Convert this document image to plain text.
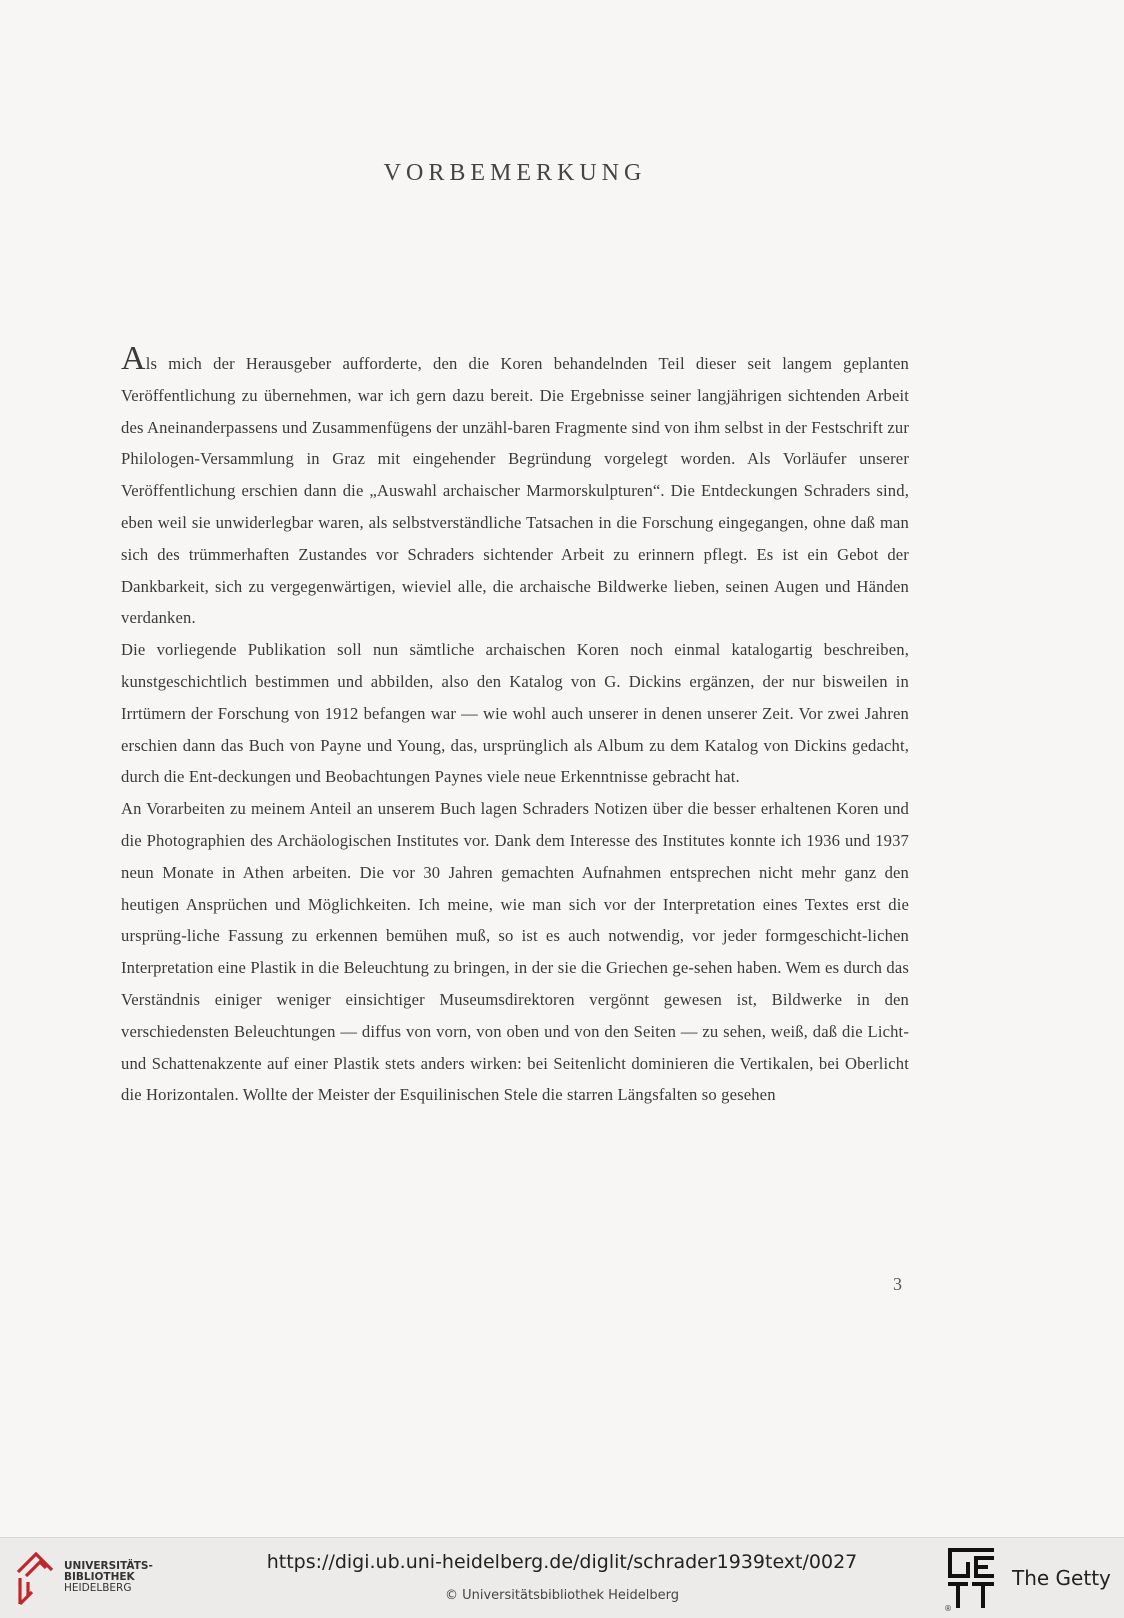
VORBEMERKUNG

Als mich der Herausgeber aufforderte, den die Koren behandelnden Teil dieser seit langem geplanten Veröffentlichung zu übernehmen, war ich gern dazu bereit. Die Ergebnisse seiner langjährigen sichtenden Arbeit des Aneinanderpassens und Zusammenfügens der unzähl-baren Fragmente sind von ihm selbst in der Festschrift zur Philologen-Versammlung in Graz mit eingehender Begründung vorgelegt worden. Als Vorläufer unserer Veröffentlichung erschien dann die „Auswahl archaischer Marmorskulpturen“. Die Entdeckungen Schraders sind, eben weil sie unwiderlegbar waren, als selbstverständliche Tatsachen in die Forschung eingegangen, ohne daß man sich des trümmerhaften Zustandes vor Schraders sichtender Arbeit zu erinnern pflegt. Es ist ein Gebot der Dankbarkeit, sich zu vergegenwärtigen, wieviel alle, die archaische Bildwerke lieben, seinen Augen und Händen verdanken.

Die vorliegende Publikation soll nun sämtliche archaischen Koren noch einmal katalogartig beschreiben, kunstgeschichtlich bestimmen und abbilden, also den Katalog von G. Dickins ergänzen, der nur bisweilen in Irrtümern der Forschung von 1912 befangen war — wie wohl auch unserer in denen unserer Zeit. Vor zwei Jahren erschien dann das Buch von Payne und Young, das, ursprünglich als Album zu dem Katalog von Dickins gedacht, durch die Ent-deckungen und Beobachtungen Paynes viele neue Erkenntnisse gebracht hat.

An Vorarbeiten zu meinem Anteil an unserem Buch lagen Schraders Notizen über die besser erhaltenen Koren und die Photographien des Archäologischen Institutes vor. Dank dem Interesse des Institutes konnte ich 1936 und 1937 neun Monate in Athen arbeiten. Die vor 30 Jahren gemachten Aufnahmen entsprechen nicht mehr ganz den heutigen Ansprüchen und Möglichkeiten. Ich meine, wie man sich vor der Interpretation eines Textes erst die ursprüng-liche Fassung zu erkennen bemühen muß, so ist es auch notwendig, vor jeder formgeschicht-lichen Interpretation eine Plastik in die Beleuchtung zu bringen, in der sie die Griechen ge-sehen haben. Wem es durch das Verständnis einiger weniger einsichtiger Museumsdirektoren vergönnt gewesen ist, Bildwerke in den verschiedensten Beleuchtungen — diffus von vorn, von oben und von den Seiten — zu sehen, weiß, daß die Licht- und Schattenakzente auf einer Plastik stets anders wirken: bei Seitenlicht dominieren die Vertikalen, bei Oberlicht die Horizontalen. Wollte der Meister der Esquilinischen Stele die starren Längsfalten so gesehen

3
UNIVERSITÄTS-
BIBLIOTHEK
HEIDELBERG
https://digi.ub.uni-heidelberg.de/diglit/schrader1939text/0027
© Universitätsbibliothek Heidelberg
®
The Getty
